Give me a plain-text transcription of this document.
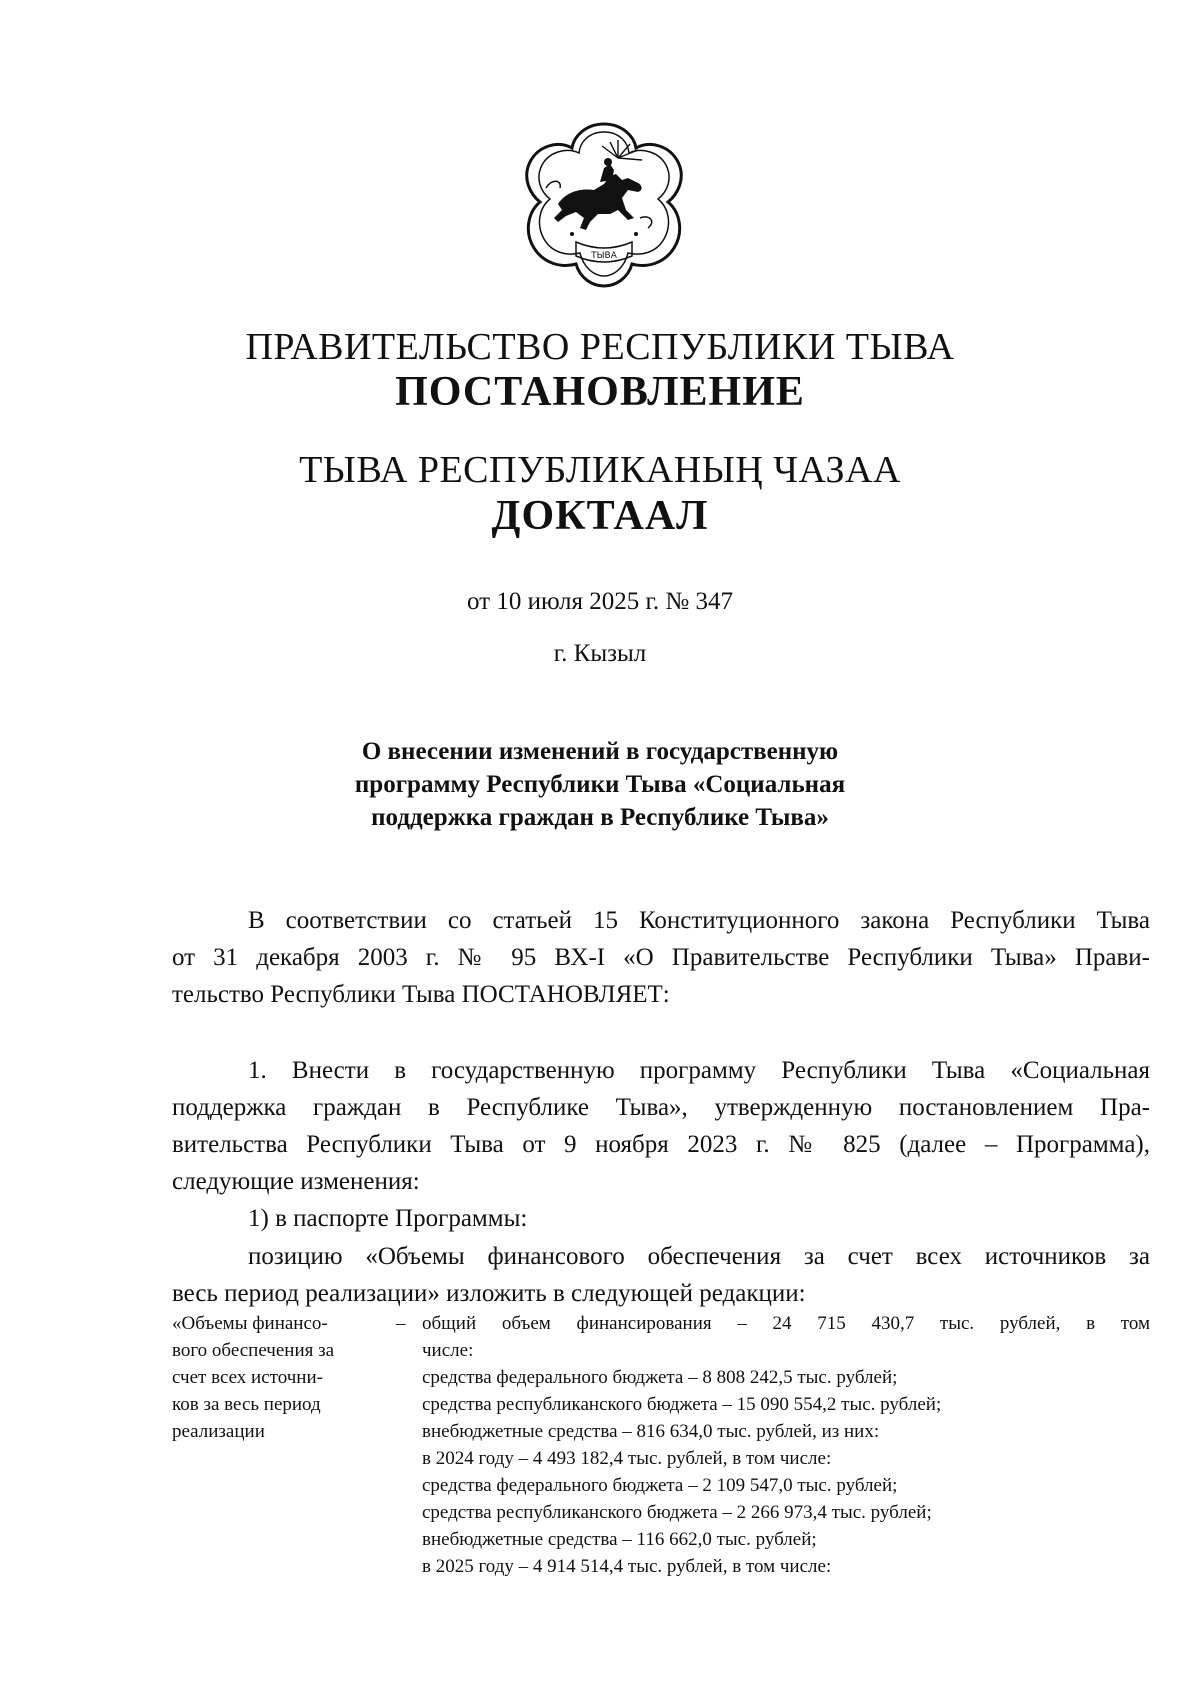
ТЫВА
ПРАВИТЕЛЬСТВО РЕСПУБЛИКИ ТЫВА
ПОСТАНОВЛЕНИЕ
ТЫВА РЕСПУБЛИКАНЫҢ ЧАЗАА
ДОКТААЛ
от 10 июля 2025 г. № 347
г. Кызыл
О внесении изменений в государственную
программу Республики Тыва «Социальная
поддержка граждан в Республике Тыва»
В соответствии со статьей 15 Конституционного закона Республики Тыва
от 31 декабря 2003 г. № 95 ВХ-I «О Правительстве Республики Тыва» Прави-
тельство Республики Тыва ПОСТАНОВЛЯЕТ:
1. Внести в государственную программу Республики Тыва «Социальная
поддержка граждан в Республике Тыва», утвержденную постановлением Пра-
вительства Республики Тыва от 9 ноября 2023 г. № 825 (далее – Программа),
следующие изменения:
1) в паспорте Программы:
позицию «Объемы финансового обеспечения за счет всех источников за
весь период реализации» изложить в следующей редакции:
«Объемы финансо-
вого обеспечения за
счет всех источни-
ков за весь период
реализации
– общий объем финансирования – 24 715 430,7 тыс. рублей, в том
числе:
средства федерального бюджета – 8 808 242,5 тыс. рублей;
средства республиканского бюджета – 15 090 554,2 тыс. рублей;
внебюджетные средства – 816 634,0 тыс. рублей, из них:
в 2024 году – 4 493 182,4 тыс. рублей, в том числе:
средства федерального бюджета – 2 109 547,0 тыс. рублей;
средства республиканского бюджета – 2 266 973,4 тыс. рублей;
внебюджетные средства – 116 662,0 тыс. рублей;
в 2025 году – 4 914 514,4 тыс. рублей, в том числе:
